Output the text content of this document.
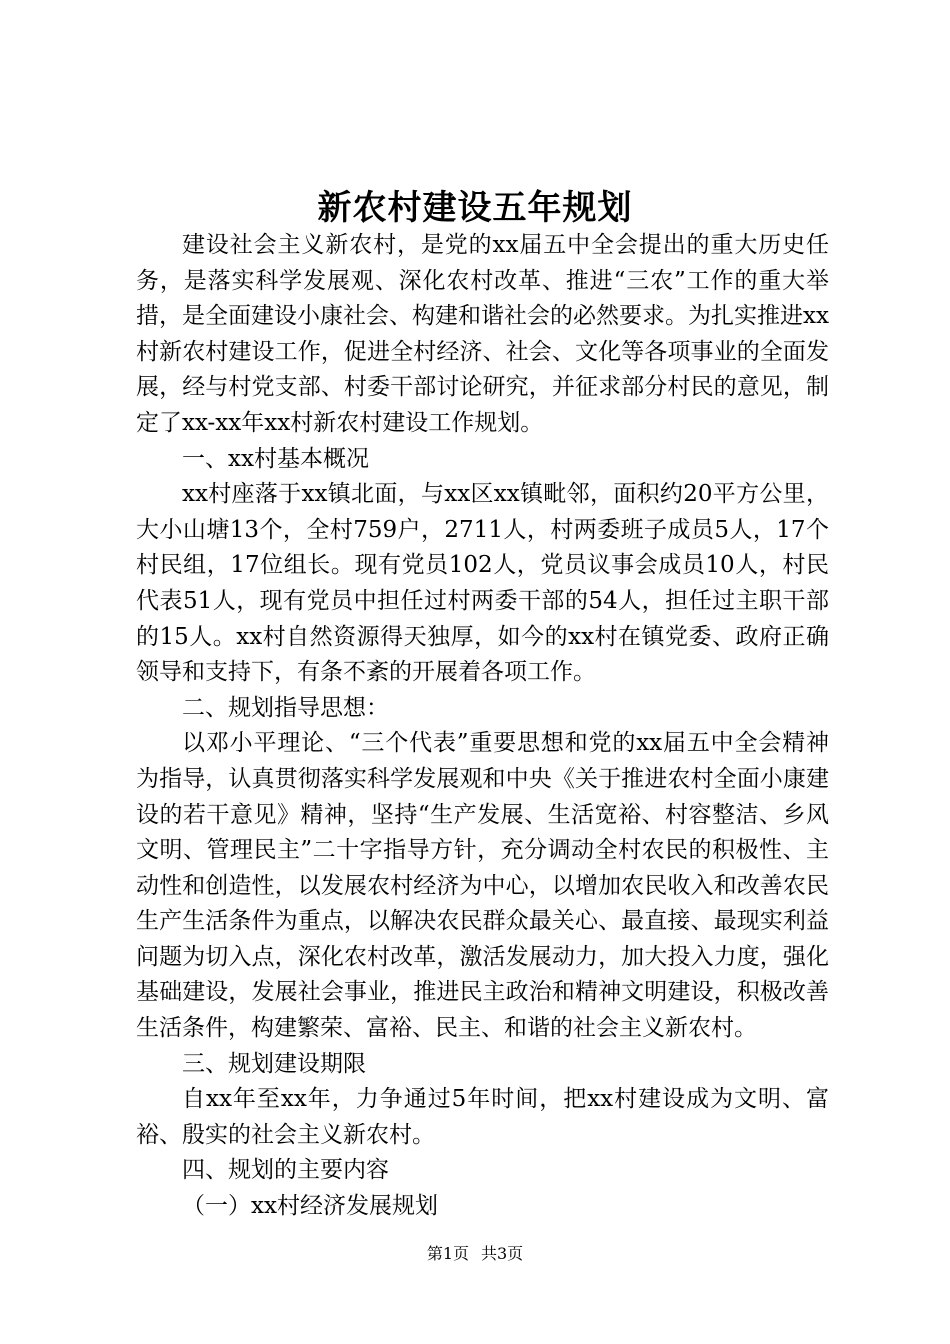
新农村建设五年规划

建设社会主义新农村，是党的xx届五中全会提出的重大历史任务，是落实科学发展观、深化农村改革、推进“三农”工作的重大举措，是全面建设小康社会、构建和谐社会的必然要求。为扎实推进xx村新农村建设工作，促进全村经济、社会、文化等各项事业的全面发展，经与村党支部、村委干部讨论研究，并征求部分村民的意见，制定了xx-xx年xx村新农村建设工作规划。

一、xx村基本概况

xx村座落于xx镇北面，与xx区xx镇毗邻，面积约20平方公里，大小山塘13个，全村759户，2711人，村两委班子成员5人，17个村民组，17位组长。现有党员102人，党员议事会成员10人，村民代表51人，现有党员中担任过村两委干部的54人，担任过主职干部的15人。xx村自然资源得天独厚，如今的xx村在镇党委、政府正确领导和支持下，有条不紊的开展着各项工作。

二、规划指导思想：

以邓小平理论、“三个代表”重要思想和党的xx届五中全会精神为指导，认真贯彻落实科学发展观和中央《关于推进农村全面小康建设的若干意见》精神，坚持“生产发展、生活宽裕、村容整洁、乡风文明、管理民主”二十字指导方针，充分调动全村农民的积极性、主动性和创造性，以发展农村经济为中心，以增加农民收入和改善农民生产生活条件为重点，以解决农民群众最关心、最直接、最现实利益问题为切入点，深化农村改革，激活发展动力，加大投入力度，强化基础建设，发展社会事业，推进民主政治和精神文明建设，积极改善生活条件，构建繁荣、富裕、民主、和谐的社会主义新农村。

三、规划建设期限

自xx年至xx年，力争通过5年时间，把xx村建设成为文明、富裕、殷实的社会主义新农村。

四、规划的主要内容

（一）xx村经济发展规划

第1页 共3页
